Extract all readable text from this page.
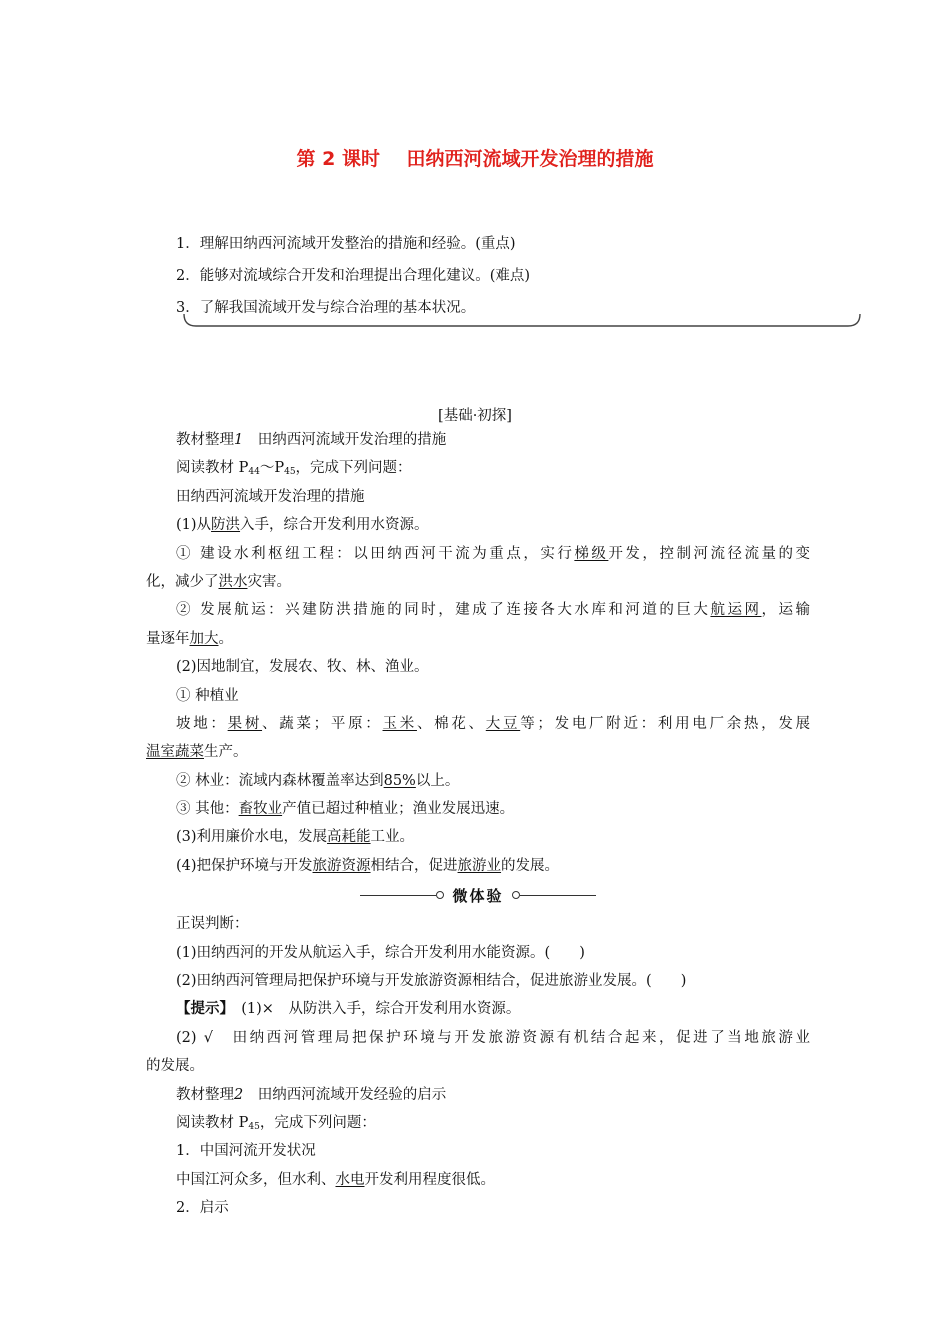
第 2 课时    田纳西河流域开发治理的措施
1．理解田纳西河流域开发整治的措施和经验。(重点)
2．能够对流域综合开发和治理提出合理化建议。(难点)
3．了解我国流域开发与综合治理的基本状况。
[基础·初探]
教材整理1　田纳西河流域开发治理的措施
阅读教材 $P_{44}\sim P_{45}$，完成下列问题：
田纳西河流域开发治理的措施
(1)从防洪入手，综合开发利用水资源。
① 建设水利枢纽工程：以田纳西河干流为重点，实行梯级开发，控制河流径流量的变
化，减少了洪水灾害。
② 发展航运：兴建防洪措施的同时，建成了连接各大水库和河道的巨大航运网，运输
量逐年加大。
(2)因地制宜，发展农、牧、林、渔业。
① 种植业
坡地：果树、蔬菜；平原：玉米、棉花、大豆等；发电厂附近：利用电厂余热，发展
温室蔬菜生产。
② 林业：流域内森林覆盖率达到85%以上。
③ 其他：畜牧业产值已超过种植业；渔业发展迅速。
(3)利用廉价水电，发展高耗能工业。
(4)把保护环境与开发旅游资源相结合，促进旅游业的发展。
微体验
正误判断：
(1)田纳西河的开发从航运入手，综合开发利用水能资源。(　　)
(2)田纳西河管理局把保护环境与开发旅游资源相结合，促进旅游业发展。(　　)
【提示】　(1)×　从防洪入手，综合开发利用水资源。
(2) √　田纳西河管理局把保护环境与开发旅游资源有机结合起来，促进了当地旅游业
的发展。
教材整理2　田纳西河流域开发经验的启示
阅读教材 $P_{45}$，完成下列问题：
1．中国河流开发状况
中国江河众多，但水利、水电开发利用程度很低。
2．启示
